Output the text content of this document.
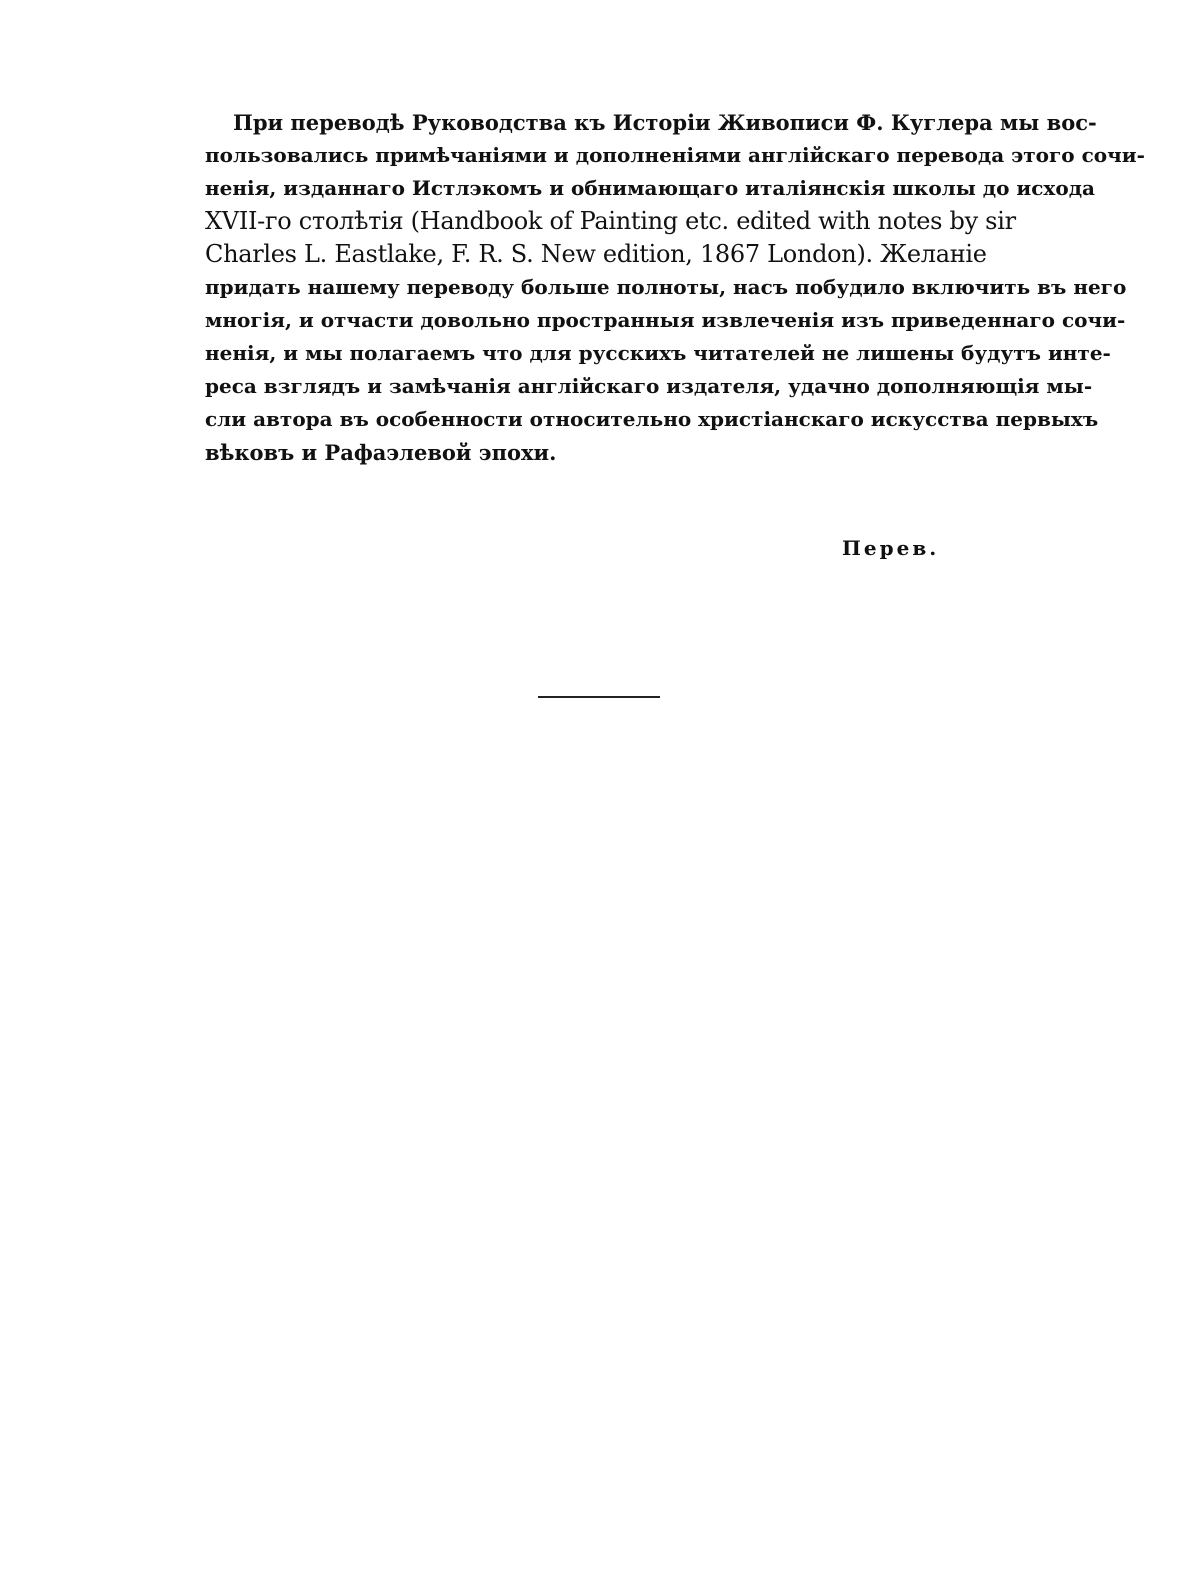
При переводѣ Руководства къ Исторіи Живописи Ф. Куглера мы вос-
пользовались примѣчаніями и дополненіями англійскаго перевода этого сочи-
ненія, изданнаго Истлэкомъ и обнимающаго италіянскія школы до исхода
XVII-го столѣтія (Handbook of Painting etc. edited with notes by sir
Charles L. Eastlake, F. R. S. New edition, 1867 London). Желаніе
придать нашему переводу больше полноты, насъ побудило включить въ него
многія, и отчасти довольно пространныя извлеченія изъ приведеннаго сочи-
ненія, и мы полагаемъ что для русскихъ читателей не лишены будутъ инте-
реса взглядъ и замѣчанія англійскаго издателя, удачно дополняющія мы-
сли автора въ особенности относительно христіанскаго искусства первыхъ
вѣковъ и Рафаэлевой эпохи.
Перев.
